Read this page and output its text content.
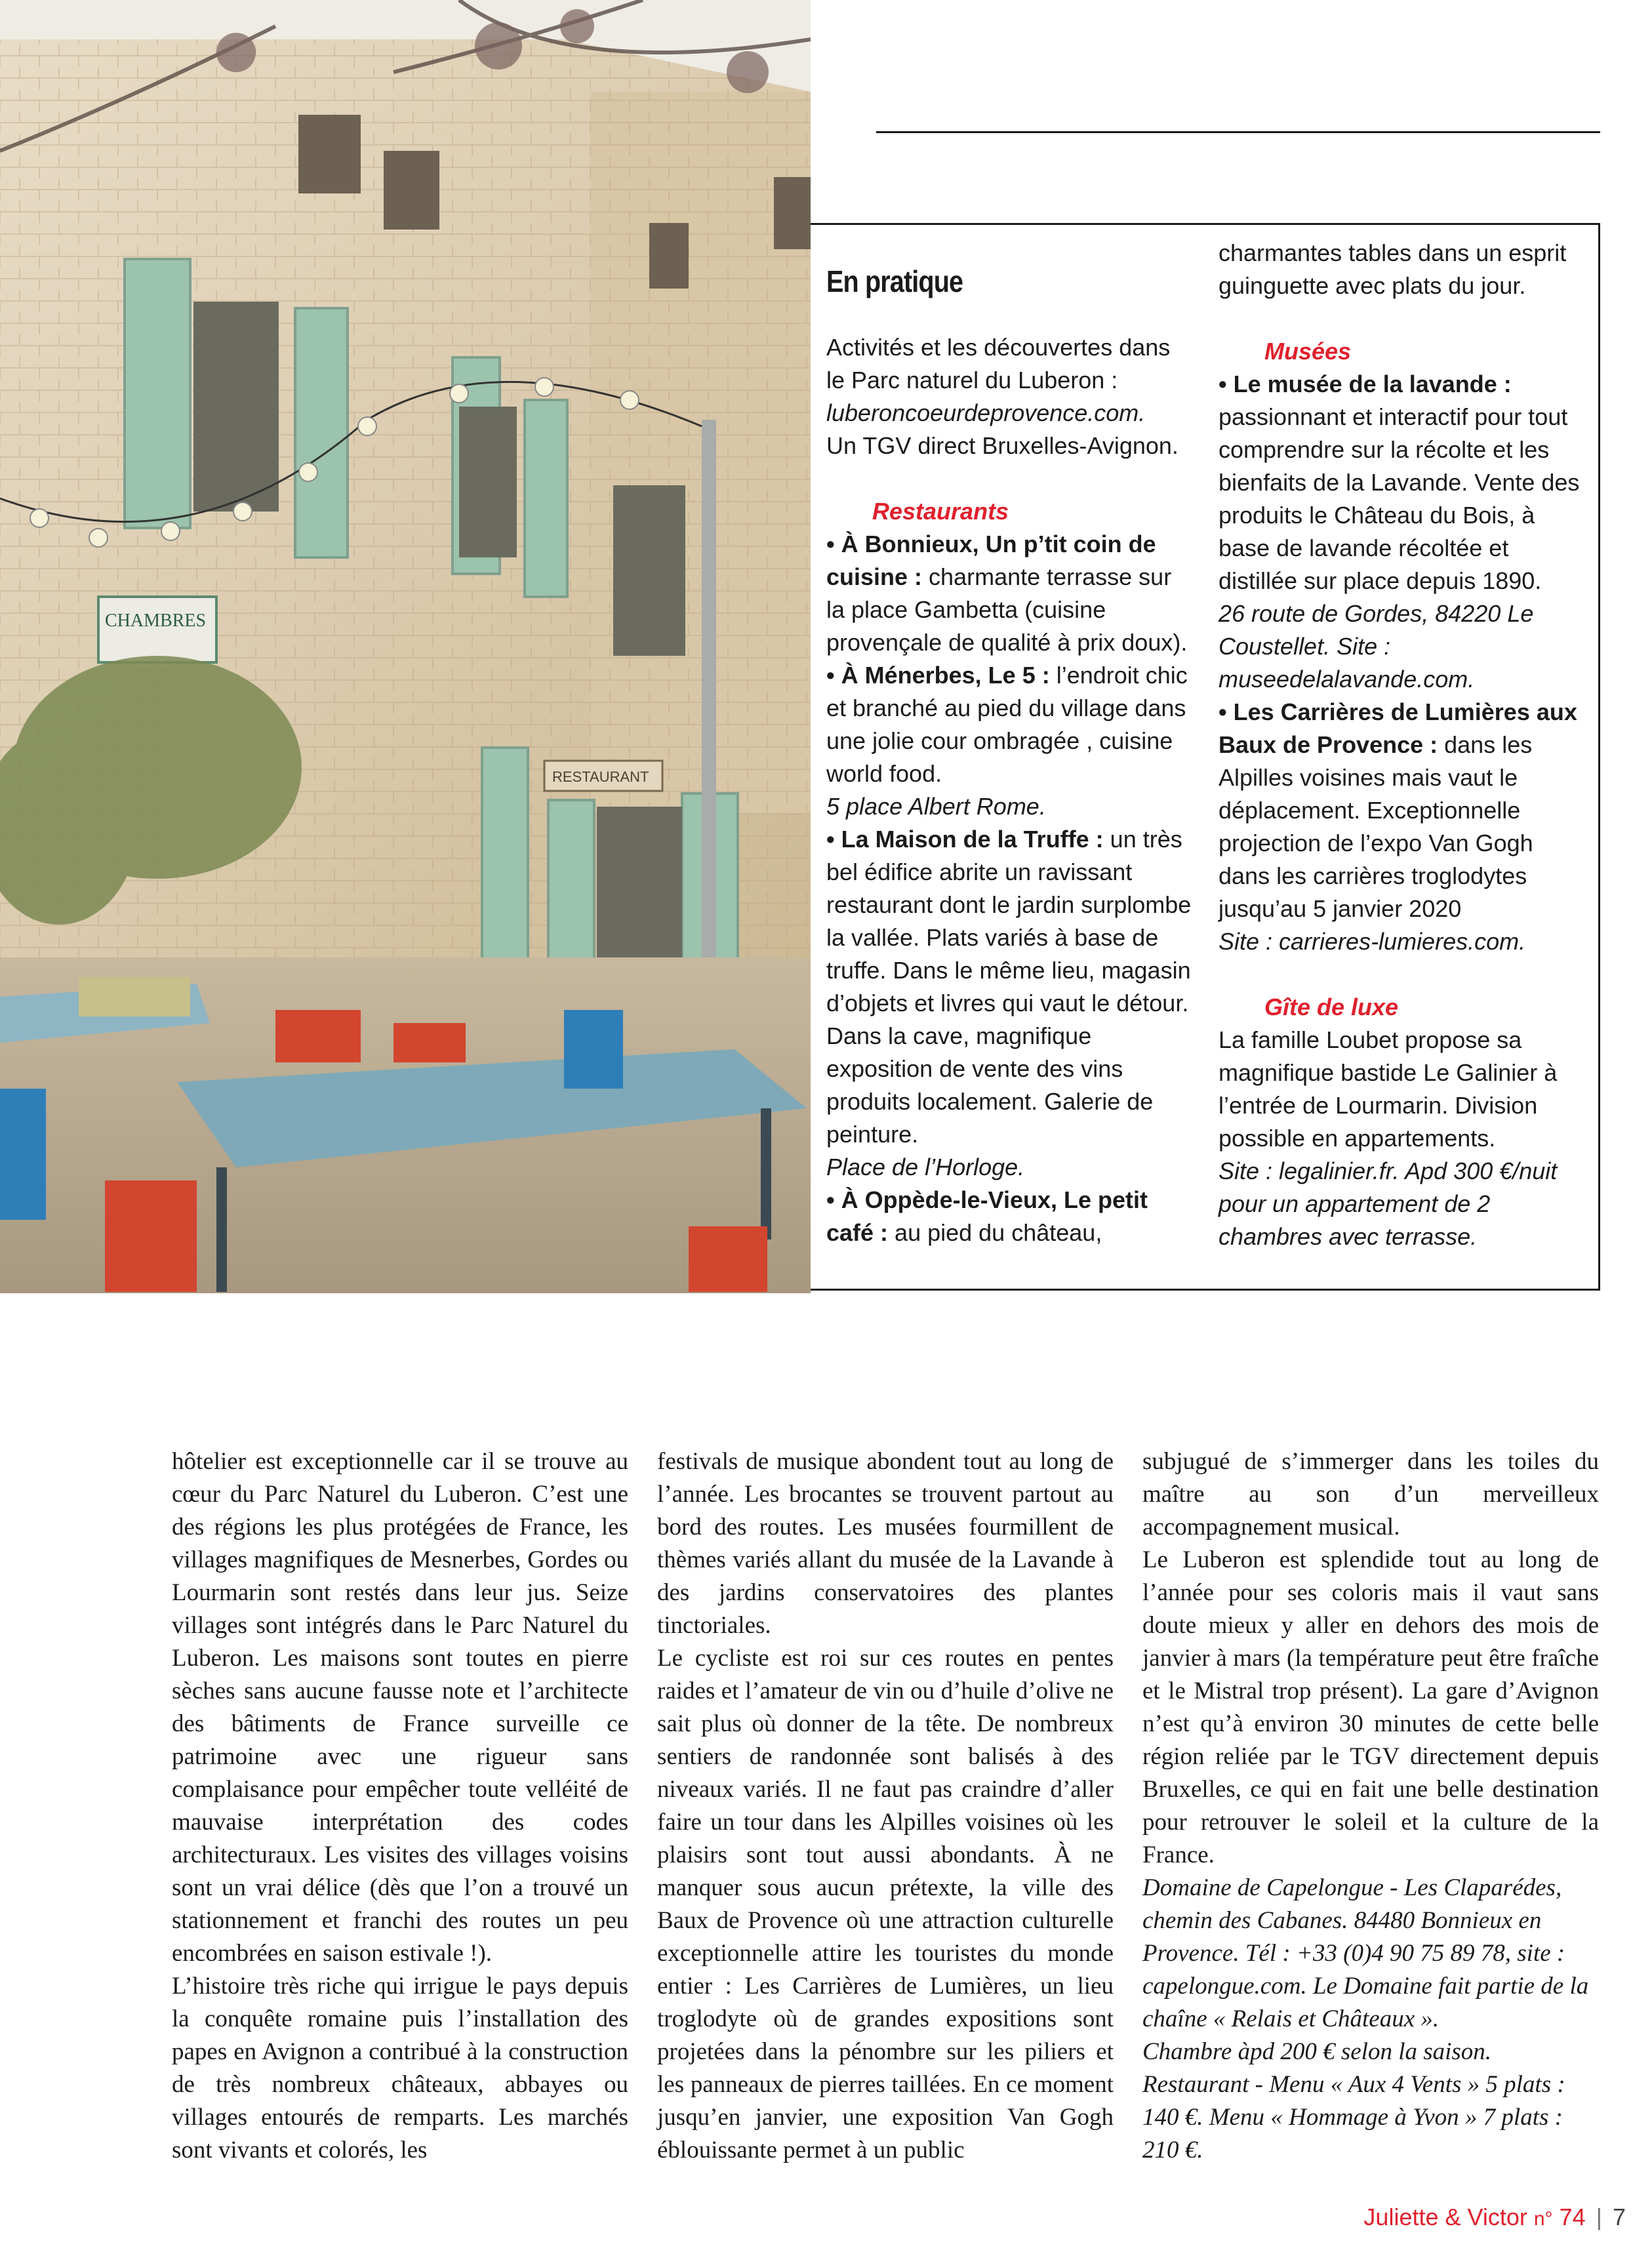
CHAMBRES
RESTAURANT
En pratique

Activités et les découvertes dans
le Parc naturel du Luberon :

luberoncoeurdeprovence.com.

Un TGV direct Bruxelles-Avignon.

Restaurants

• À Bonnieux, Un p’tit coin de cuisine : charmante terrasse sur la place Gambetta (cuisine provençale de qualité à prix doux).

• À Ménerbes, Le 5 : l’endroit chic et branché au pied du village dans une jolie cour ombragée , cuisine world food.

5 place Albert Rome.

• La Maison de la Truffe : un très bel édifice abrite un ravissant restaurant dont le jardin surplombe la vallée. Plats variés à base de truffe. Dans le même lieu, magasin d’objets et livres qui vaut le détour. Dans la cave, magnifique exposition de vente des vins produits localement. Galerie de peinture.

Place de l’Horloge.

• À Oppède-le-Vieux, Le petit café : au pied du château,

charmantes tables dans un esprit guinguette avec plats du jour.

Musées

• Le musée de la lavande : passionnant et interactif pour tout comprendre sur la récolte et les bienfaits de la Lavande. Vente des produits le Château du Bois, à base de lavande récoltée et distillée sur place depuis 1890.

26 route de Gordes, 84220 Le Coustellet. Site : museedelalavande.com.

• Les Carrières de Lumières aux Baux de Provence : dans les Alpilles voisines mais vaut le déplacement. Exceptionnelle projection de l’expo Van Gogh dans les carrières troglodytes jusqu’au 5 janvier 2020

Site : carrieres-lumieres.com.

Gîte de luxe

La famille Loubet propose sa magnifique bastide Le Galinier à l’entrée de Lourmarin. Division possible en appartements.

Site : legalinier.fr. Apd 300 €/nuit pour un appartement de 2 chambres avec terrasse.

hôtelier est exceptionnelle car il se trouve au cœur du Parc Naturel du Luberon. C’est une des régions les plus protégées de France, les villages magnifiques de Mesnerbes, Gordes ou Lourmarin sont restés dans leur jus. Seize villages sont intégrés dans le Parc Naturel du Luberon. Les maisons sont toutes en pierre sèches sans aucune fausse note et l’architecte des bâtiments de France surveille ce patrimoine avec une rigueur sans complaisance pour empêcher toute velléité de mauvaise interprétation des codes architecturaux. Les visites des villages voisins sont un vrai délice (dès que l’on a trouvé un stationnement et franchi des routes un peu encombrées en saison estivale !).

L’histoire très riche qui irrigue le pays depuis la conquête romaine puis l’installation des papes en Avignon a contribué à la construction de très nombreux châteaux, abbayes ou villages entourés de remparts. Les marchés sont vivants et colorés, les

festivals de musique abondent tout au long de l’année. Les brocantes se trouvent partout au bord des routes. Les musées fourmillent de thèmes variés allant du musée de la Lavande à des jardins conservatoires des plantes tinctoriales.

Le cycliste est roi sur ces routes en pentes raides et l’amateur de vin ou d’huile d’olive ne sait plus où donner de la tête. De nombreux sentiers de randonnée sont balisés à des niveaux variés. Il ne faut pas craindre d’aller faire un tour dans les Alpilles voisines où les plaisirs sont tout aussi abondants. À ne manquer sous aucun prétexte, la ville des Baux de Provence où une attraction culturelle exceptionnelle attire les touristes du monde entier : Les Carrières de Lumières, un lieu troglodyte où de grandes expositions sont projetées dans la pénombre sur les piliers et les panneaux de pierres taillées. En ce moment jusqu’en janvier, une exposition Van Gogh éblouissante permet à un public

subjugué de s’immerger dans les toiles du maître au son d’un merveilleux accompagnement musical.

Le Luberon est splendide tout au long de l’année pour ses coloris mais il vaut sans doute mieux y aller en dehors des mois de janvier à mars (la température peut être fraîche et le Mistral trop présent). La gare d’Avignon n’est qu’à environ 30 minutes de cette belle région reliée par le TGV directement depuis Bruxelles, ce qui en fait une belle destination pour retrouver le soleil et la culture de la France.

Domaine de Capelongue - Les Claparédes, chemin des Cabanes. 84480 Bonnieux en Provence. Tél : +33 (0)4 90 75 89 78, site : capelongue.com. Le Domaine fait partie de la chaîne « Relais et Châteaux ».

Chambre àpd 200 € selon la saison. Restaurant - Menu « Aux 4 Vents » 5 plats : 140 €. Menu « Hommage à Yvon » 7 plats : 210 €.

Juliette & Victor n° 74 | 7
